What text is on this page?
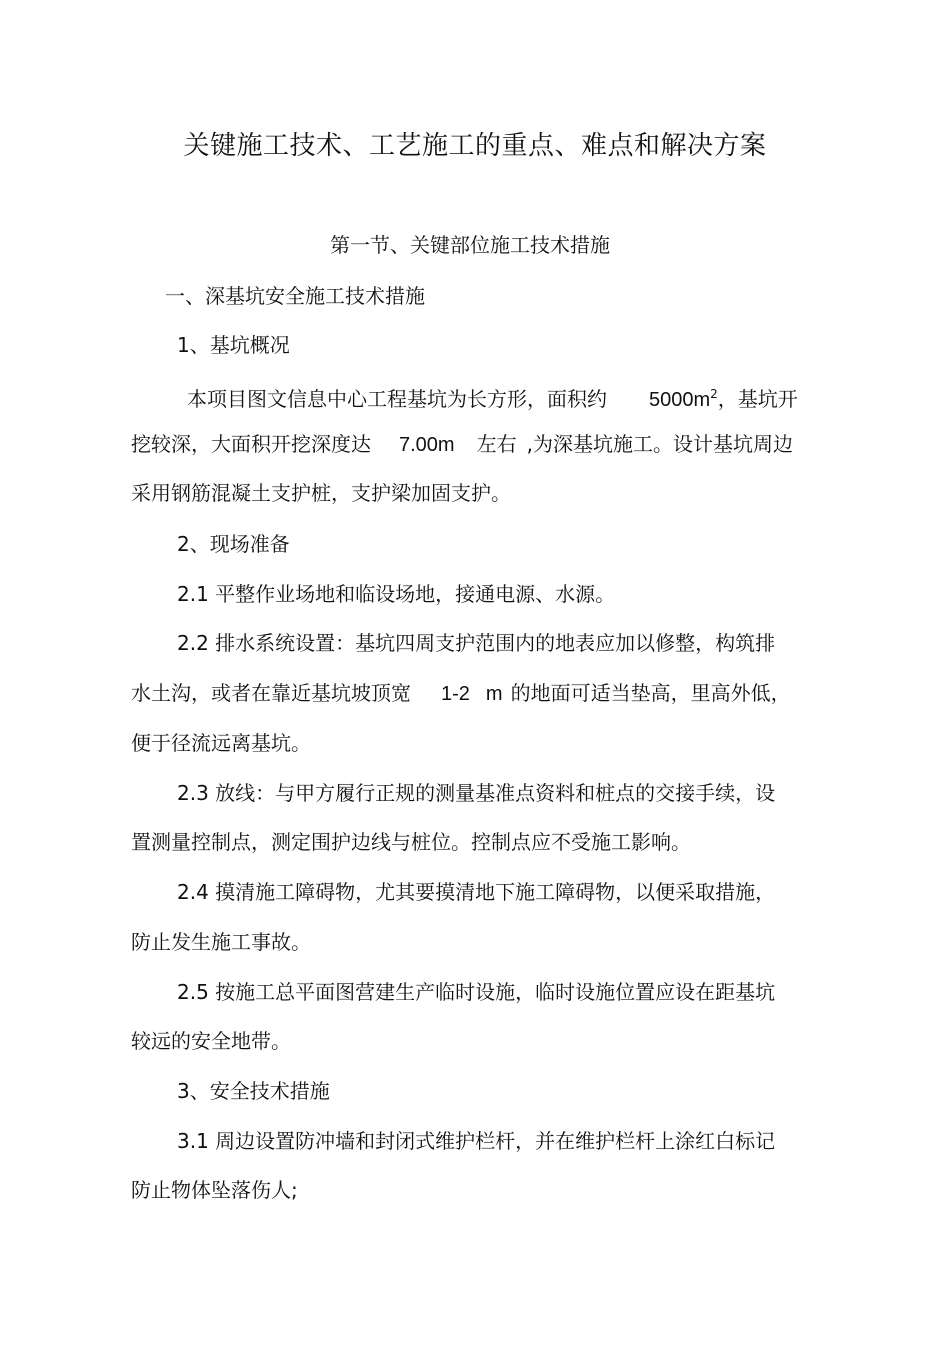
关键施工技术、工艺施工的重点、难点和解决方案
第一节、关键部位施工技术措施
一、深基坑安全施工技术措施
1、基坑概况
本项目图文信息中心工程基坑为长方形，面积约 $5000m^2$，基坑开
挖较深，大面积开挖深度达 7.00m 左右 ,为深基坑施工。设计基坑周边
采用钢筋混凝土支护桩，支护梁加固支护。
2、现场准备
2.1 平整作业场地和临设场地，接通电源、水源。
2.2 排水系统设置：基坑四周支护范围内的地表应加以修整，构筑排
水土沟，或者在靠近基坑坡顶宽 1-2 m 的地面可适当垫高，里高外低，
便于径流远离基坑。
2.3 放线：与甲方履行正规的测量基准点资料和桩点的交接手续，设
置测量控制点，测定围护边线与桩位。控制点应不受施工影响。
2.4 摸清施工障碍物，尤其要摸清地下施工障碍物，以便采取措施，
防止发生施工事故。
2.5 按施工总平面图营建生产临时设施，临时设施位置应设在距基坑
较远的安全地带。
3、安全技术措施
3.1 周边设置防冲墙和封闭式维护栏杆，并在维护栏杆上涂红白标记
防止物体坠落伤人;
